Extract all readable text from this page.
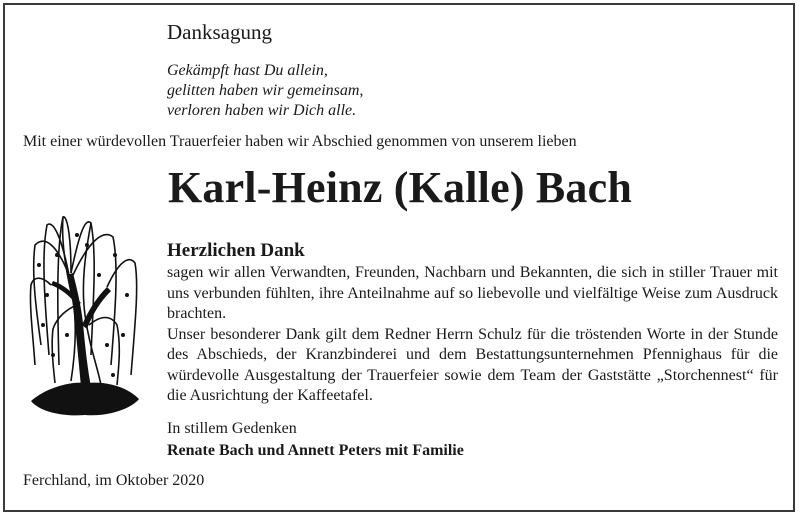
Danksagung
Gekämpft hast Du allein,
gelitten haben wir gemeinsam,
verloren haben wir Dich alle.
Mit einer würdevollen Trauerfeier haben wir Abschied genommen von unserem lieben
Karl-Heinz (Kalle) Bach
Herzlichen Dank

sagen wir allen Verwandten, Freunden, Nachbarn und Bekannten, die sich in stiller Trauer mit uns verbunden fühlten, ihre Anteilnahme auf so liebevolle und vielfältige Weise zum Ausdruck brachten.

Unser besonderer Dank gilt dem Redner Herrn Schulz für die tröstenden Worte in der Stunde des Abschieds, der Kranzbinderei und dem Bestattungsunternehmen Pfennighaus für die würdevolle Ausgestaltung der Trauerfeier sowie dem Team der Gaststätte „Storchennest“ für die Ausrichtung der Kaffeetafel.

In stillem Gedenken
Renate Bach und Annett Peters mit Familie
Ferchland, im Oktober 2020
